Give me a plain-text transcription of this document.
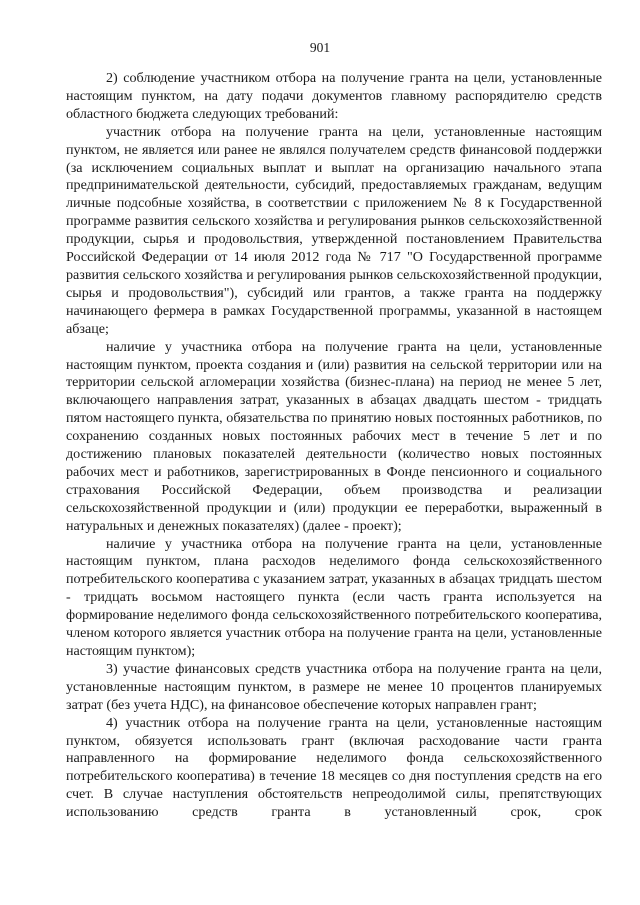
901

2) соблюдение участником отбора на получение гранта на цели, установленные настоящим пунктом, на дату подачи документов главному распорядителю средств областного бюджета следующих требований:

участник отбора на получение гранта на цели, установленные настоящим пунктом, не является или ранее не являлся получателем средств финансовой поддержки (за исключением социальных выплат и выплат на организацию начального этапа предпринимательской деятельности, субсидий, предоставляемых гражданам, ведущим личные подсобные хозяйства, в соответствии с приложением № 8 к Государственной программе развития сельского хозяйства и регулирования рынков сельскохозяйственной продукции, сырья и продовольствия, утвержденной постановлением Правительства Российской Федерации от 14 июля 2012 года № 717 "О Государственной программе развития сельского хозяйства и регулирования рынков сельскохозяйственной продукции, сырья и продовольствия"), субсидий или грантов, а также гранта на поддержку начинающего фермера в рамках Государственной программы, указанной в настоящем абзаце;

наличие у участника отбора на получение гранта на цели, установленные настоящим пунктом, проекта создания и (или) развития на сельской территории или на территории сельской агломерации хозяйства (бизнес-плана) на период не менее 5 лет, включающего направления затрат, указанных в абзацах двадцать шестом - тридцать пятом настоящего пункта, обязательства по принятию новых постоянных работников, по сохранению созданных новых постоянных рабочих мест в течение 5 лет и по достижению плановых показателей деятельности (количество новых постоянных рабочих мест и работников, зарегистрированных в Фонде пенсионного и социального страхования Российской Федерации, объем производства и реализации сельскохозяйственной продукции и (или) продукции ее переработки, выраженный в натуральных и денежных показателях) (далее - проект);

наличие у участника отбора на получение гранта на цели, установленные настоящим пунктом, плана расходов неделимого фонда сельскохозяйственного потребительского кооператива с указанием затрат, указанных в абзацах тридцать шестом - тридцать восьмом настоящего пункта (если часть гранта используется на формирование неделимого фонда сельскохозяйственного потребительского кооператива, членом которого является участник отбора на получение гранта на цели, установленные настоящим пунктом);

3) участие финансовых средств участника отбора на получение гранта на цели, установленные настоящим пунктом, в размере не менее 10 процентов планируемых затрат (без учета НДС), на финансовое обеспечение которых направлен грант;

4) участник отбора на получение гранта на цели, установленные настоящим пунктом, обязуется использовать грант (включая расходование части гранта направленного на формирование неделимого фонда сельскохозяйственного потребительского кооператива) в течение 18 месяцев со дня поступления средств на его счет. В случае наступления обстоятельств непреодолимой силы, препятствующих использованию средств гранта в установленный срок, срок
